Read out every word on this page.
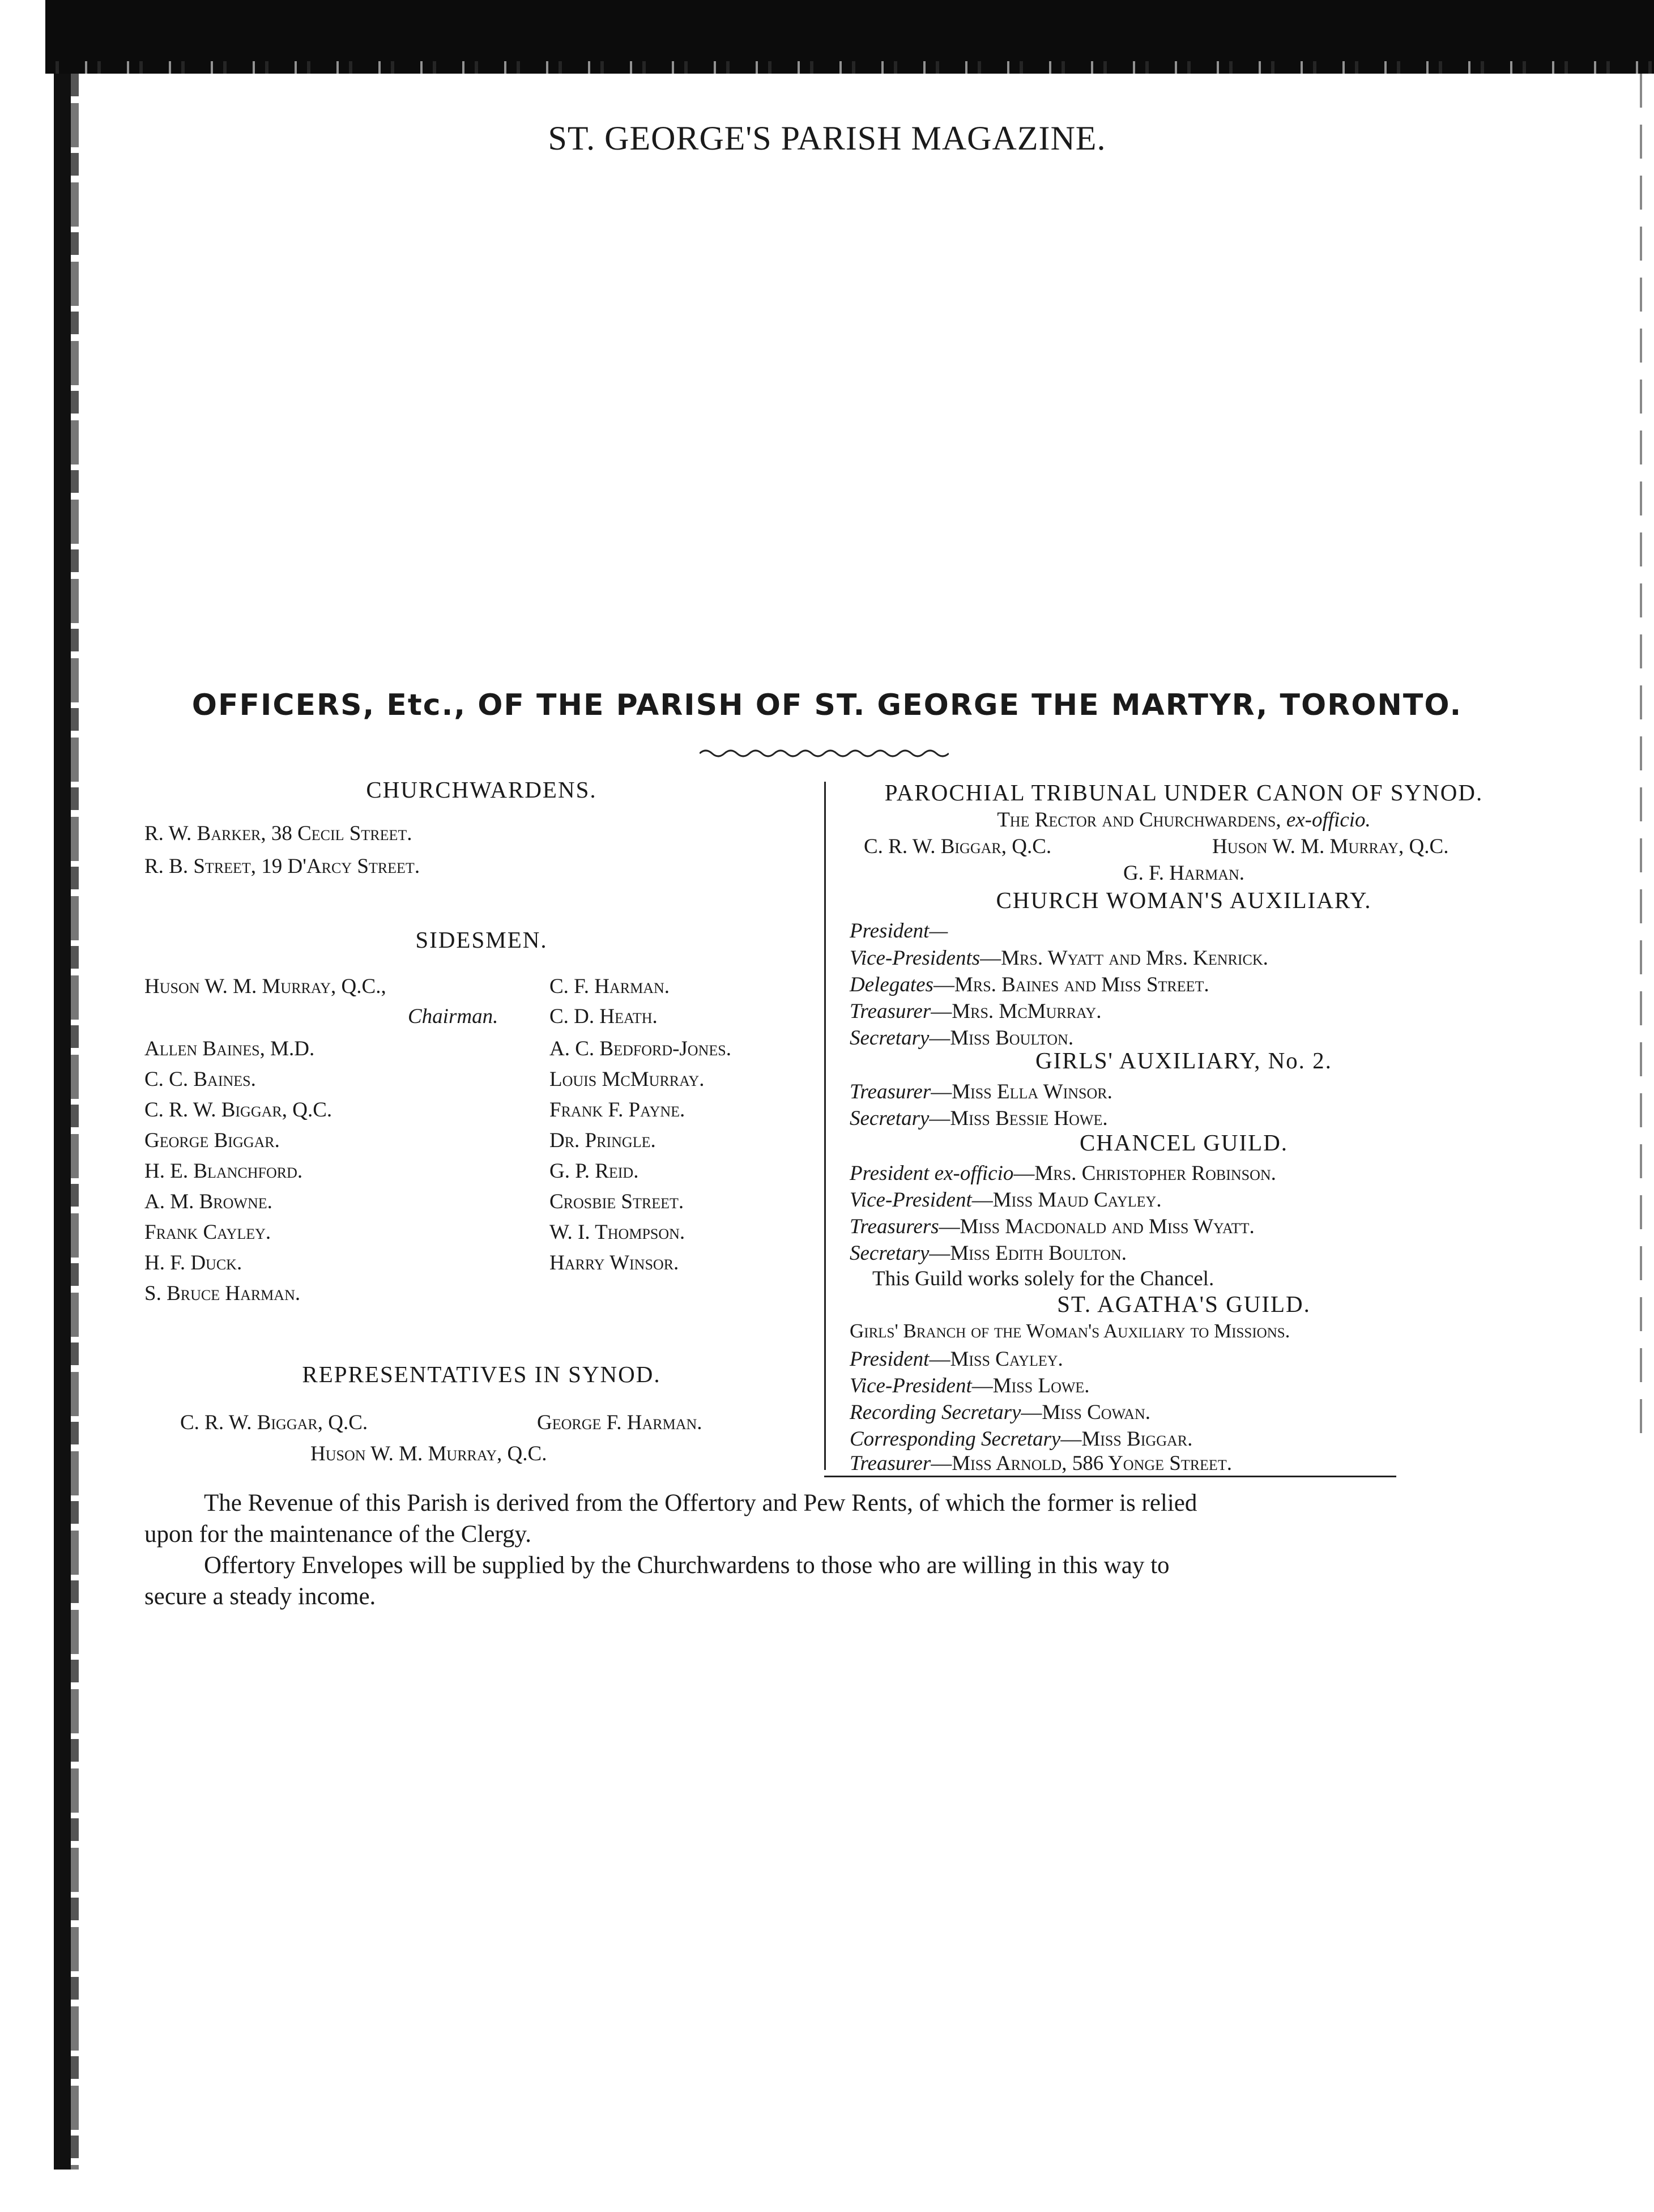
ST. GEORGE'S PARISH MAGAZINE.
OFFICERS, Etc., OF THE PARISH OF ST. GEORGE THE MARTYR, TORONTO.
CHURCHWARDENS.
R. W. Barker, 38 Cecil Street.
R. B. Street, 19 D'Arcy Street.
SIDESMEN.
Huson W. M. Murray, Q.C.,
Chairman.
Allen Baines, M.D.
C. C. Baines.
C. R. W. Biggar, Q.C.
George Biggar.
H. E. Blanchford.
A. M. Browne.
Frank Cayley.
H. F. Duck.
S. Bruce Harman.
C. F. Harman.
C. D. Heath.
A. C. Bedford-Jones.
Louis McMurray.
Frank F. Payne.
Dr. Pringle.
G. P. Reid.
Crosbie Street.
W. I. Thompson.
Harry Winsor.
REPRESENTATIVES IN SYNOD.
C. R. W. Biggar, Q.C.	George F. Harman.
Huson W. M. Murray, Q.C.
PAROCHIAL TRIBUNAL UNDER CANON OF SYNOD.
The Rector and Churchwardens, ex-officio.
C. R. W. Biggar, Q.C.	Huson W. M. Murray, Q.C.
G. F. Harman.
CHURCH WOMAN'S AUXILIARY.
President—
Vice-Presidents—Mrs. Wyatt and Mrs. Kenrick.
Delegates—Mrs. Baines and Miss Street.
Treasurer—Mrs. McMurray.
Secretary—Miss Boulton.
GIRLS' AUXILIARY, No. 2.
Treasurer—Miss Ella Winsor.
Secretary—Miss Bessie Howe.
CHANCEL GUILD.
President ex-officio—Mrs. Christopher Robinson.
Vice-President—Miss Maud Cayley.
Treasurers—Miss Macdonald and Miss Wyatt.
Secretary—Miss Edith Boulton.
This Guild works solely for the Chancel.
ST. AGATHA'S GUILD.
Girls' Branch of the Woman's Auxiliary to Missions.
President—Miss Cayley.
Vice-President—Miss Lowe.
Recording Secretary—Miss Cowan.
Corresponding Secretary—Miss Biggar.
Treasurer—Miss Arnold, 586 Yonge Street.
The Revenue of this Parish is derived from the Offertory and Pew Rents, of which the former is relied
upon for the maintenance of the Clergy.
Offertory Envelopes will be supplied by the Churchwardens to those who are willing in this way to
secure a steady income.
